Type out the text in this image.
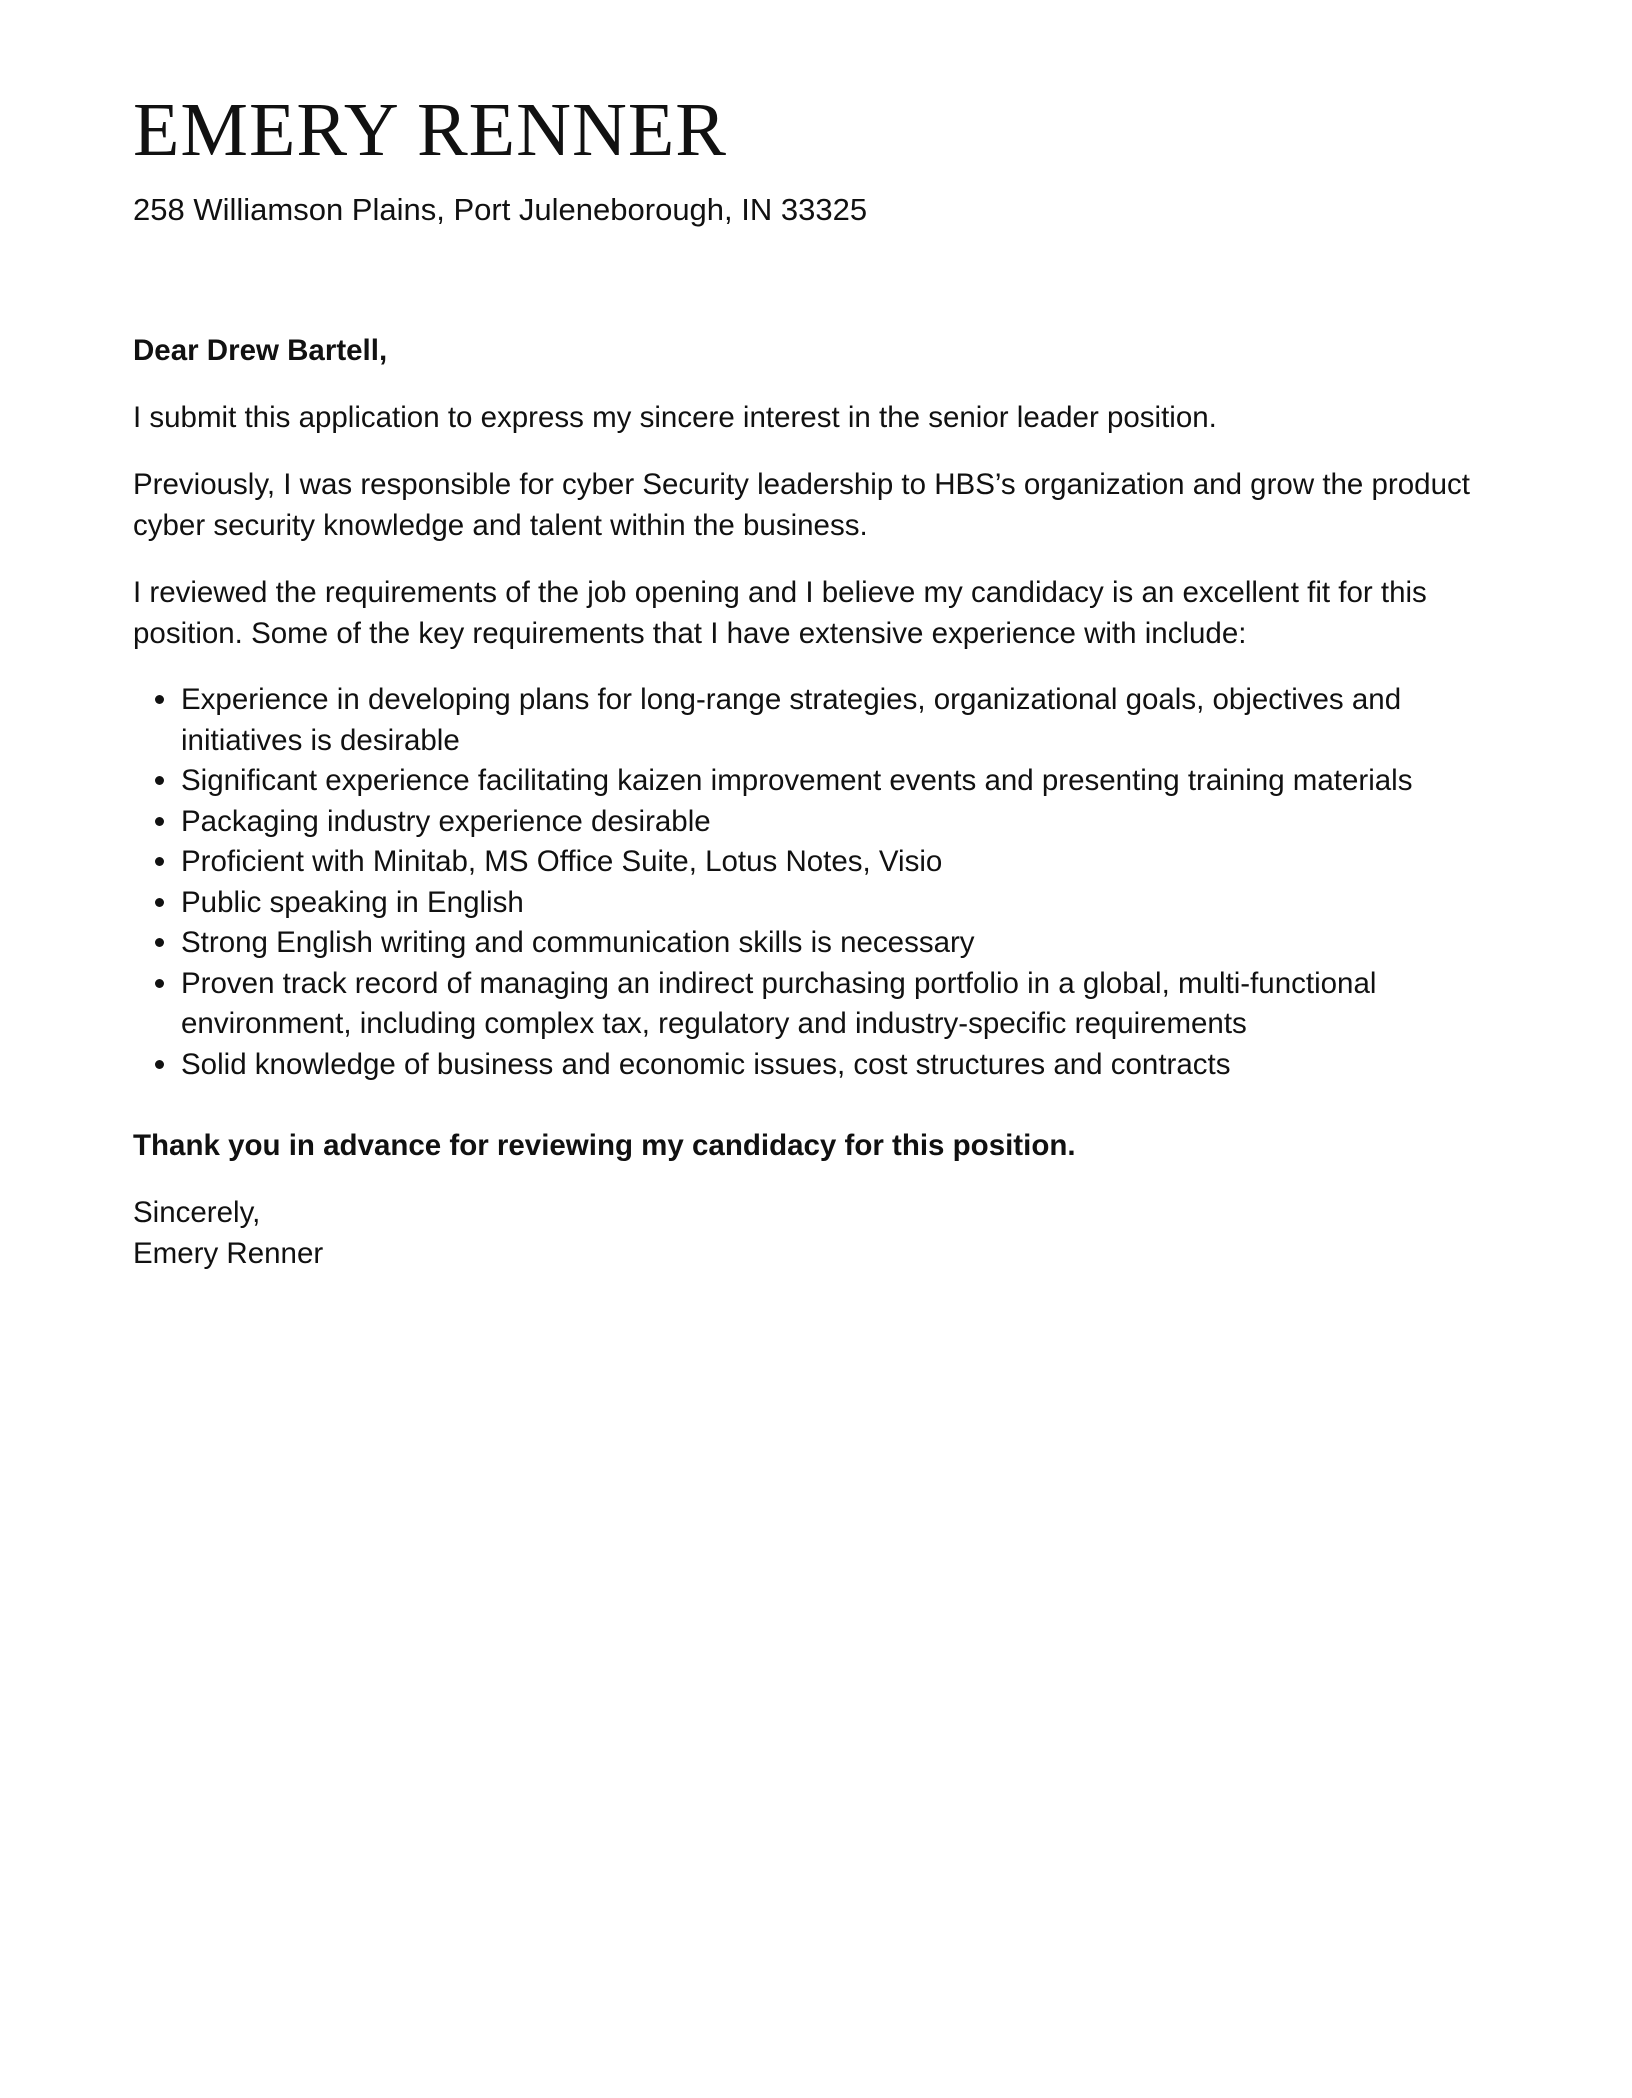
EMERY RENNER
258 Williamson Plains, Port Juleneborough, IN 33325

Dear Drew Bartell,

I submit this application to express my sincere interest in the senior leader position.

Previously, I was responsible for cyber Security leadership to HBS’s organization and grow the product cyber security knowledge and talent within the business.

I reviewed the requirements of the job opening and I believe my candidacy is an excellent fit for this position. Some of the key requirements that I have extensive experience with include:

Experience in developing plans for long-range strategies, organizational goals, objectives and initiatives is desirable
Significant experience facilitating kaizen improvement events and presenting training materials
Packaging industry experience desirable
Proficient with Minitab, MS Office Suite, Lotus Notes, Visio
Public speaking in English
Strong English writing and communication skills is necessary
Proven track record of managing an indirect purchasing portfolio in a global, multi-functional environment, including complex tax, regulatory and industry-specific requirements
Solid knowledge of business and economic issues, cost structures and contracts

Thank you in advance for reviewing my candidacy for this position.

Sincerely,
Emery Renner
